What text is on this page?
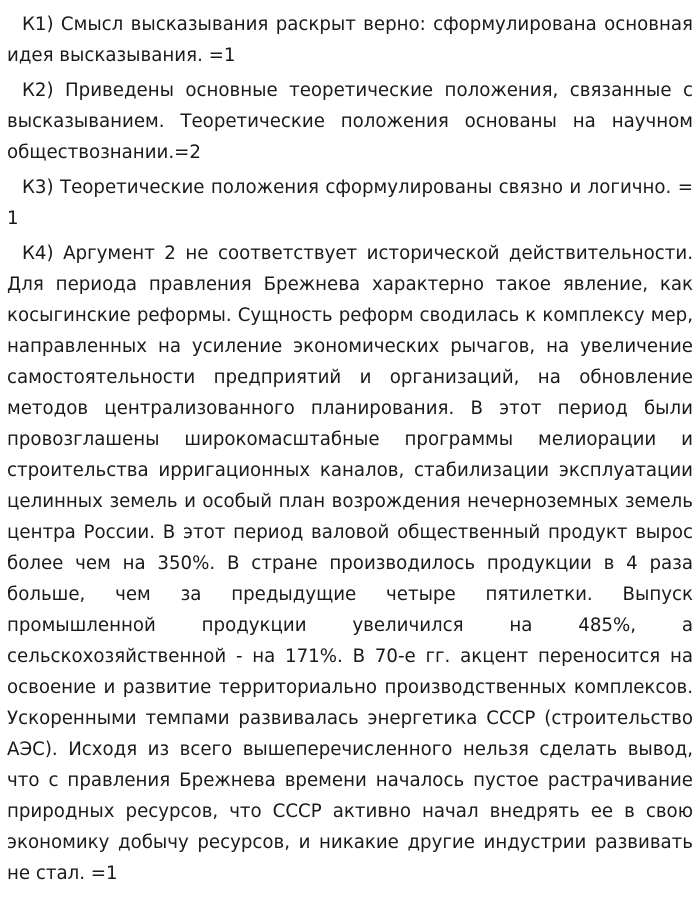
К1) Смысл высказывания раскрыт верно: сформулирована основная идея высказывания. =1

К2) Приведены основные теоретические положения, связанные с высказыванием. Теоретические положения основаны на научном обществознании.=2

К3) Теоретические положения сформулированы связно и логично. = 1

К4) Аргумент 2 не соответствует исторической действительности. Для периода правления Брежнева характерно такое явление, как косыгинские реформы. Сущность реформ сводилась к комплексу мер, направленных на усиление экономических рычагов, на увеличение самостоятельности предприятий и организаций, на обновление методов централизованного планирования. В этот период были провозглашены широкомасштабные программы мелиорации и строительства ирригационных каналов, стабилизации эксплуатации целинных земель и особый план возрождения нечерноземных земель центра России. В этот период валовой общественный продукт вырос более чем на 350%. В стране производилось продукции в 4 раза больше, чем за предыдущие четыре пятилетки. Выпуск промышленной продукции увеличился на 485%, а сельскохозяйственной - на 171%. В 70-е гг. акцент переносится на освоение и развитие территориально производственных комплексов. Ускоренными темпами развивалась энергетика СССР (строительство АЭС). Исходя из всего вышеперечисленного нельзя сделать вывод, что с правления Брежнева времени началось пустое растрачивание природных ресурсов, что СССР активно начал внедрять ее в свою экономику добычу ресурсов, и никакие другие индустрии развивать не стал. =1
